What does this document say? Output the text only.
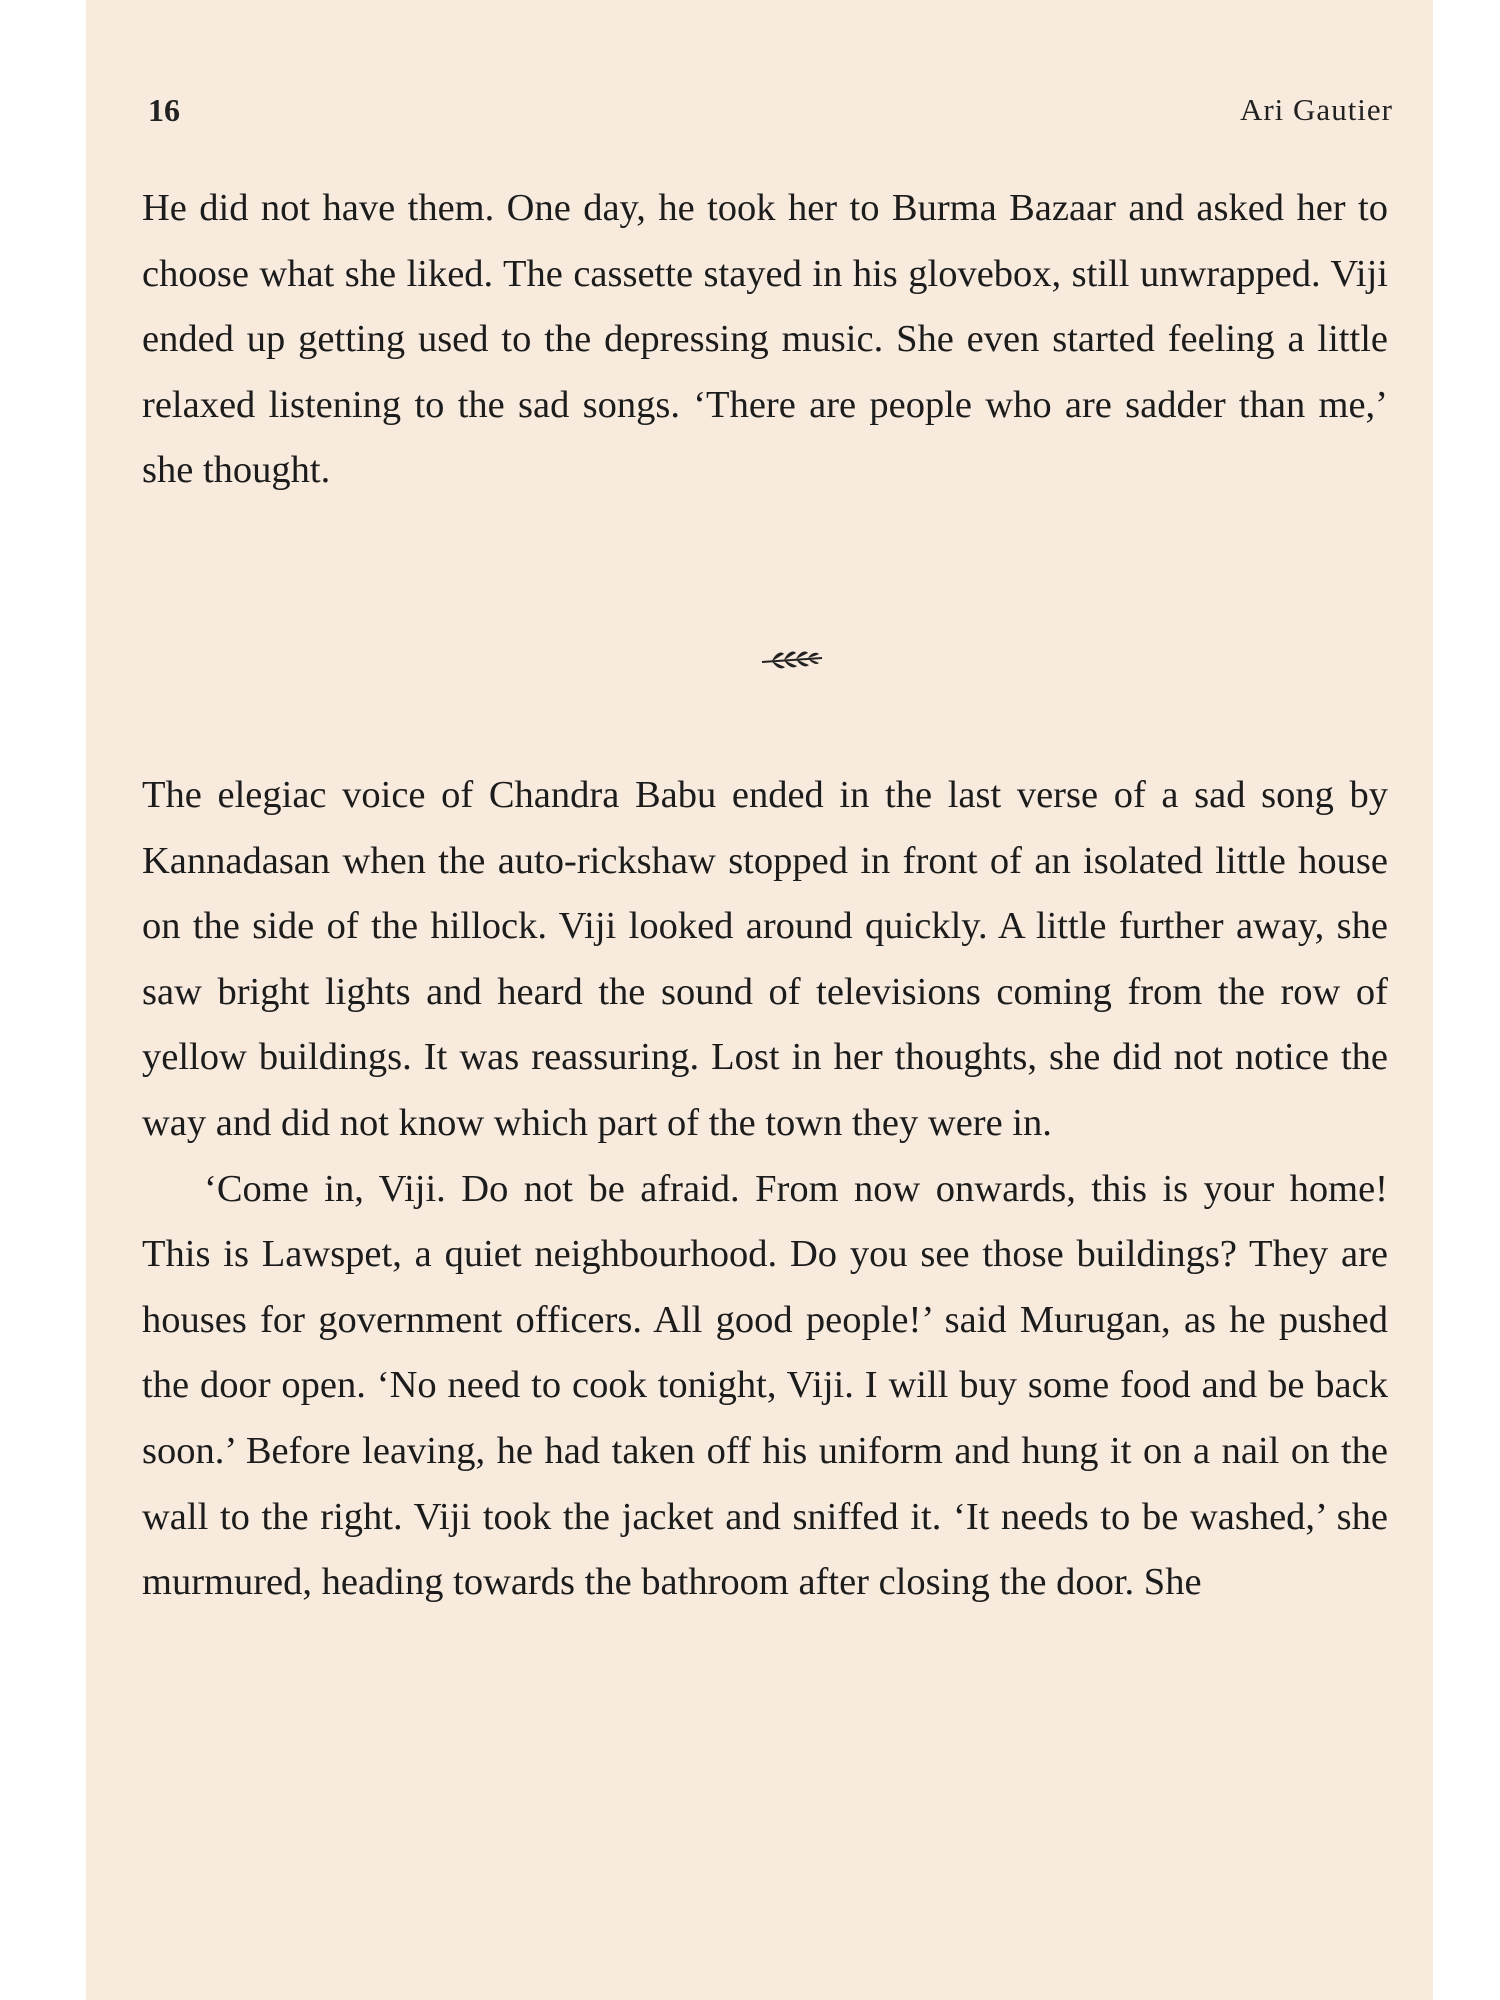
16	Ari Gautier

He did not have them. One day, he took her to Burma Bazaar and asked her to choose what she liked. The cassette stayed in his glovebox, still unwrapped. Viji ended up getting used to the depressing music. She even started feeling a little relaxed listening to the sad songs. ‘There are people who are sadder than me,’ she thought.

The elegiac voice of Chandra Babu ended in the last verse of a sad song by Kannadasan when the auto-rickshaw stopped in front of an isolated little house on the side of the hillock. Viji looked around quickly. A little further away, she saw bright lights and heard the sound of televisions coming from the row of yellow buildings. It was reassuring. Lost in her thoughts, she did not notice the way and did not know which part of the town they were in.

‘Come in, Viji. Do not be afraid. From now onwards, this is your home! This is Lawspet, a quiet neighbourhood. Do you see those buildings? They are houses for government officers. All good people!’ said Murugan, as he pushed the door open. ‘No need to cook tonight, Viji. I will buy some food and be back soon.’ Before leaving, he had taken off his uniform and hung it on a nail on the wall to the right. Viji took the jacket and sniffed it. ‘It needs to be washed,’ she murmured, heading towards the bathroom after closing the door. She
